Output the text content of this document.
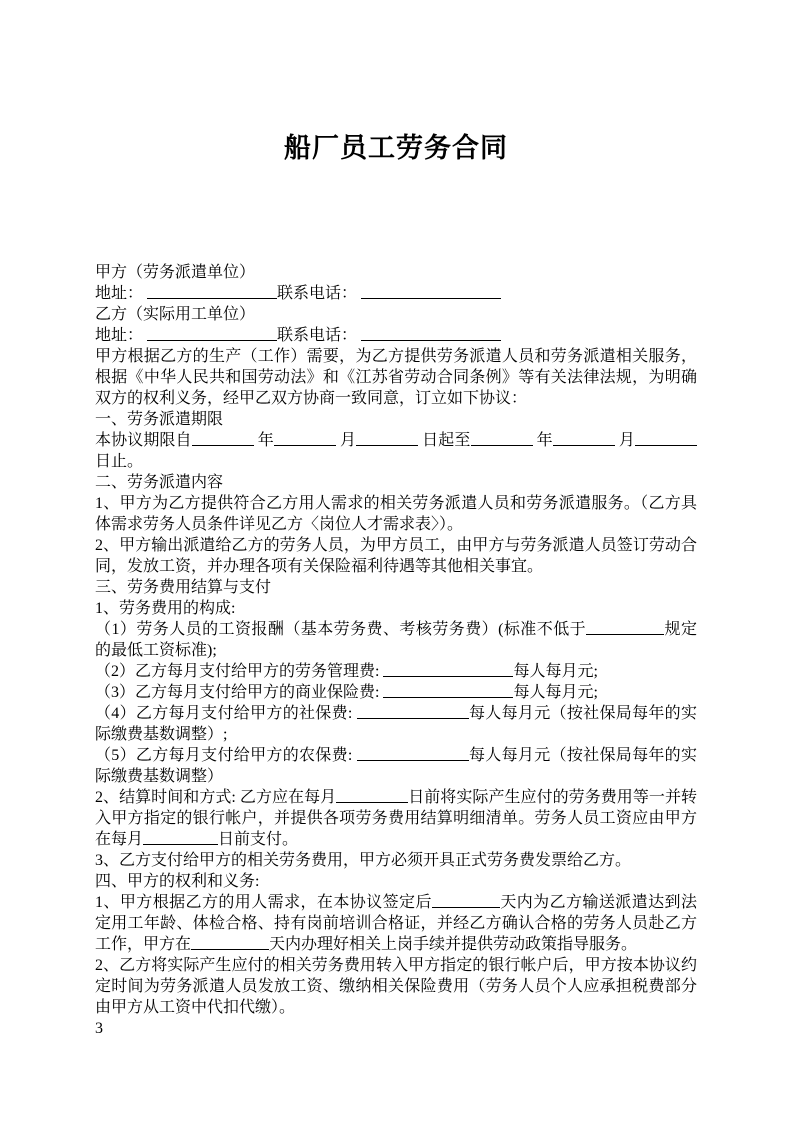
船厂员工劳务合同

甲方（劳务派遣单位）

地址：	联系电话：

乙方（实际用工单位）

地址：	联系电话：

甲方根据乙方的生产（工作）需要，为乙方提供劳务派遣人员和劳务派遣相关服务，根据《中华人民共和国劳动法》和《江苏省劳动合同条例》等有关法律法规，为明确双方的权利义务，经甲乙双方协商一致同意，订立如下协议：

一、劳务派遣期限

本协议期限自	年	月	日起至	年	月 日止。

二、劳务派遣内容

1、甲方为乙方提供符合乙方用人需求的相关劳务派遣人员和劳务派遣服务。（乙方具体需求劳务人员条件详见乙方〈岗位人才需求表〉）。

2、甲方输出派遣给乙方的劳务人员，为甲方员工，由甲方与劳务派遣人员签订劳动合同，发放工资，并办理各项有关保险福利待遇等其他相关事宜。

三、劳务费用结算与支付

1、劳务费用的构成:

（1）劳务人员的工资报酬（基本劳务费、考核劳务费）(标准不低于	规定的最低工资标准);

（2）乙方每月支付给甲方的劳务管理费:	每人每月元;

（3）乙方每月支付给甲方的商业保险费:	每人每月元;

（4）乙方每月支付给甲方的社保费:	每人每月元（按社保局每年的实际缴费基数调整）;

（5）乙方每月支付给甲方的农保费:	每人每月元（按社保局每年的实际缴费基数调整）

2、结算时间和方式: 乙方应在每月	日前将实际产生应付的劳务费用等一并转入甲方指定的银行帐户，并提供各项劳务费用结算明细清单。劳务人员工资应由甲方在每月	日前支付。

3、乙方支付给甲方的相关劳务费用，甲方必须开具正式劳务费发票给乙方。

四、甲方的权利和义务:

1、甲方根据乙方的用人需求，在本协议签定后	天内为乙方输送派遣达到法定用工年龄、体检合格、持有岗前培训合格证，并经乙方确认合格的劳务人员赴乙方工作，甲方在	天内办理好相关上岗手续并提供劳动政策指导服务。

2、乙方将实际产生应付的相关劳务费用转入甲方指定的银行帐户后，甲方按本协议约定时间为劳务派遣人员发放工资、缴纳相关保险费用（劳务人员个人应承担税费部分由甲方从工资中代扣代缴）。

3
